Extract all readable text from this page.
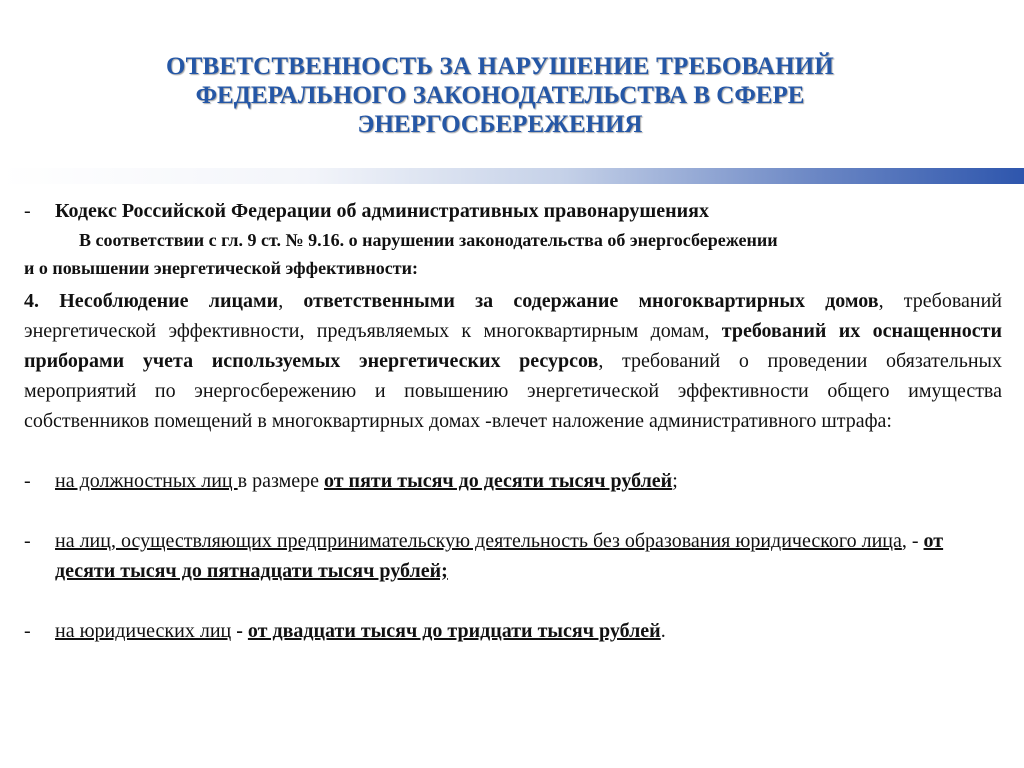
ОТВЕТСТВЕННОСТЬ ЗА НАРУШЕНИЕ ТРЕБОВАНИЙ
ФЕДЕРАЛЬНОГО ЗАКОНОДАТЕЛЬСТВА В СФЕРЕ
ЭНЕРГОСБЕРЕЖЕНИЯ
- Кодекс Российской Федерации об административных правонарушениях
В соответствии с гл. 9 ст. № 9.16. о нарушении законодательства об энергосбережении
и о повышении энергетической эффективности:
4. Несоблюдение лицами, ответственными за содержание многоквартирных домов, требований энергетической эффективности, предъявляемых к многоквартирным домам, требований их оснащенности приборами учета используемых энергетических ресурсов, требований о проведении обязательных мероприятий по энергосбережению и повышению энергетической эффективности общего имущества собственников помещений в многоквартирных домах -влечет наложение административного штрафа:
- на должностных лиц в размере от пяти тысяч до десяти тысяч рублей;
- на лиц, осуществляющих предпринимательскую деятельность без образования юридического лица, - от десяти тысяч до пятнадцати тысяч рублей;
- на юридических лиц - от двадцати тысяч до тридцати тысяч рублей.
